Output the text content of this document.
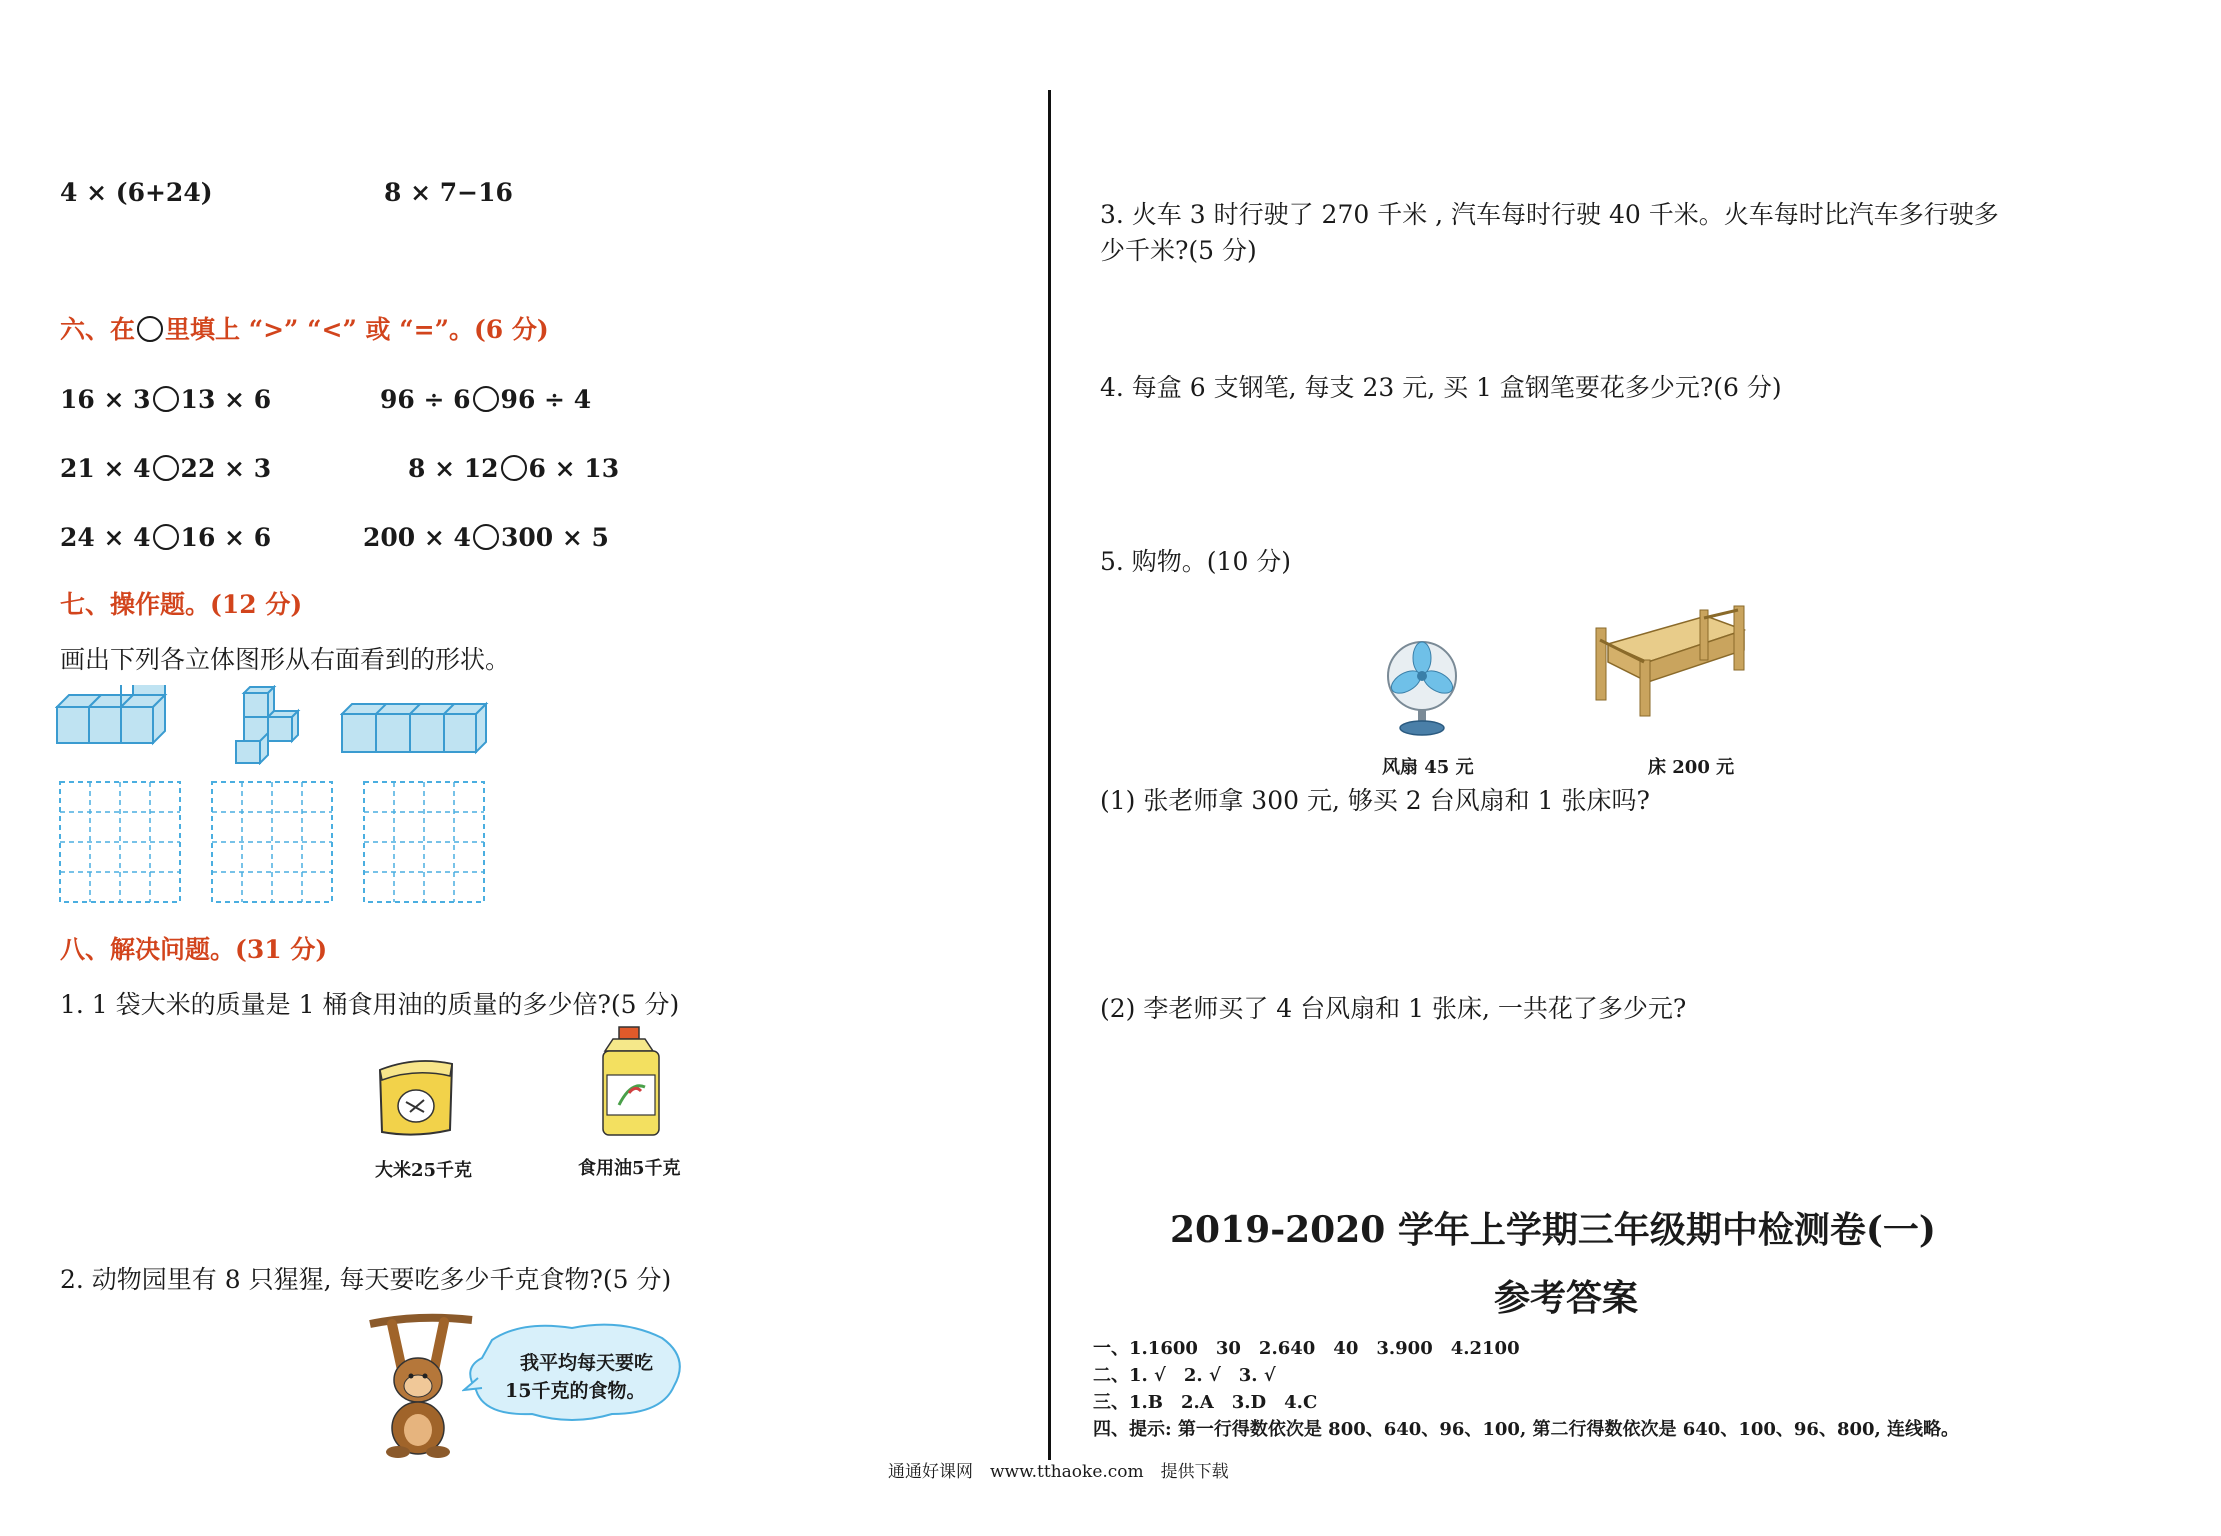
4 × (6+24)	8 × 7−16
六、在 里填上 “>” “<” 或 “=”。(6 分)
16 × 3 13 × 6	96 ÷ 6 96 ÷ 4
21 × 4 22 × 3	8 × 12 6 × 13
24 × 4 16 × 6	200 × 4 300 × 5
七、操作题。(12 分)
画出下列各立体图形从右面看到的形状。
八、解决问题。(31 分)
1. 1 袋大米的质量是 1 桶食用油的质量的多少倍?(5 分)
大米25千克	食用油5千克
2. 动物园里有 8 只猩猩, 每天要吃多少千克食物?(5 分)
我平均每天要吃
15千克的食物。
3. 火车 3 时行驶了 270 千米 , 汽车每时行驶 40 千米。火车每时比汽车多行驶多
少千米?(5 分)
4. 每盒 6 支钢笔, 每支 23 元, 买 1 盒钢笔要花多少元?(6 分)
5. 购物。(10 分)
风扇 45 元	床 200 元
(1) 张老师拿 300 元, 够买 2 台风扇和 1 张床吗?
(2) 李老师买了 4 台风扇和 1 张床, 一共花了多少元?
2019-2020 学年上学期三年级期中检测卷(一)
参考答案
一、1.1600　30　2.640　40　3.900　4.2100
二、1. √　2. √　3. √
三、1.B　2.A　3.D　4.C
四、提示: 第一行得数依次是 800、640、96、100, 第二行得数依次是 640、100、96、800, 连线略。
通通好课网　www.tthaoke.com　提供下载
